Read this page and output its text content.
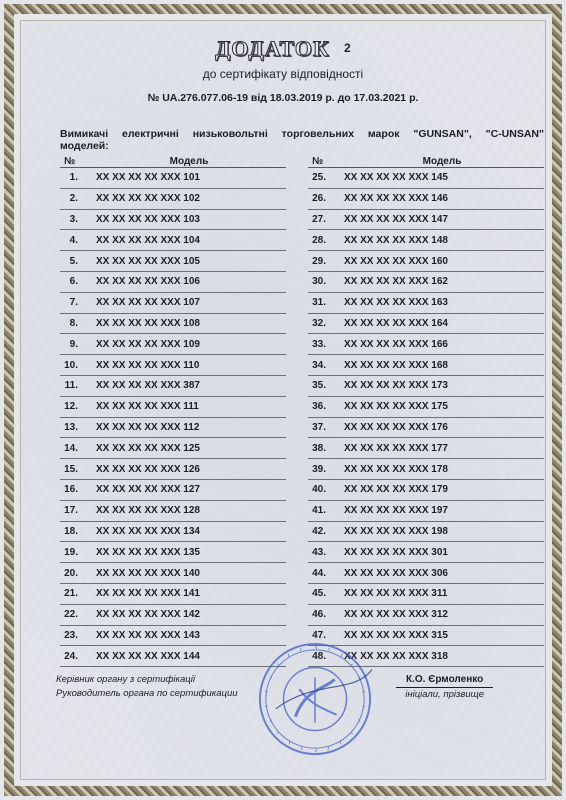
ДОДАТОК $^2$
до сертифікату відповідності
№ UA.276.077.06-19 від 18.03.2019 р. до 17.03.2021 р.
Вимикачі електричні низьковольтні торговельних марок "GUNSAN", "C-UNSAN"
моделей:
№	Модель
1.	XX XX XX XX XXX 101
2.	XX XX XX XX XXX 102
3.	XX XX XX XX XXX 103
4.	XX XX XX XX XXX 104
5.	XX XX XX XX XXX 105
6.	XX XX XX XX XXX 106
7.	XX XX XX XX XXX 107
8.	XX XX XX XX XXX 108
9.	XX XX XX XX XXX 109
10.	XX XX XX XX XXX 110
11.	XX XX XX XX XXX 387
12.	XX XX XX XX XXX 111
13.	XX XX XX XX XXX 112
14.	XX XX XX XX XXX 125
15.	XX XX XX XX XXX 126
16.	XX XX XX XX XXX 127
17.	XX XX XX XX XXX 128
18.	XX XX XX XX XXX 134
19.	XX XX XX XX XXX 135
20.	XX XX XX XX XXX 140
21.	XX XX XX XX XXX 141
22.	XX XX XX XX XXX 142
23.	XX XX XX XX XXX 143
24.	XX XX XX XX XXX 144
№	Модель
25.	XX XX XX XX XXX 145
26.	XX XX XX XX XXX 146
27.	XX XX XX XX XXX 147
28.	XX XX XX XX XXX 148
29.	XX XX XX XX XXX 160
30.	XX XX XX XX XXX 162
31.	XX XX XX XX XXX 163
32.	XX XX XX XX XXX 164
33.	XX XX XX XX XXX 166
34.	XX XX XX XX XXX 168
35.	XX XX XX XX XXX 173
36.	XX XX XX XX XXX 175
37.	XX XX XX XX XXX 176
38.	XX XX XX XX XXX 177
39.	XX XX XX XX XXX 178
40.	XX XX XX XX XXX 179
41.	XX XX XX XX XXX 197
42.	XX XX XX XX XXX 198
43.	XX XX XX XX XXX 301
44.	XX XX XX XX XXX 306
45.	XX XX XX XX XXX 311
46.	XX XX XX XX XXX 312
47.	XX XX XX XX XXX 315
48.	XX XX XX XX XXX 318
Керівник органу з сертифікації
Руководитель органа по сертификации
К.О. Єрмоленко
ініціали, прізвище
